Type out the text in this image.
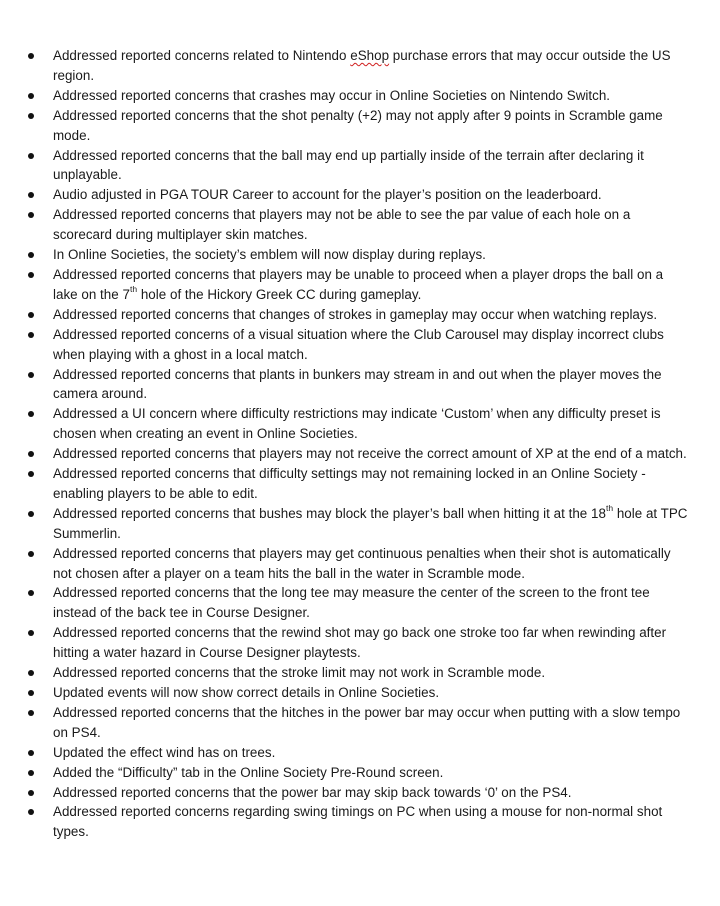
Addressed reported concerns related to Nintendo eShop purchase errors that may occur outside the US region.
Addressed reported concerns that crashes may occur in Online Societies on Nintendo Switch.
Addressed reported concerns that the shot penalty (+2) may not apply after 9 points in Scramble game mode.
Addressed reported concerns that the ball may end up partially inside of the terrain after declaring it unplayable.
Audio adjusted in PGA TOUR Career to account for the player’s position on the leaderboard.
Addressed reported concerns that players may not be able to see the par value of each hole on a scorecard during multiplayer skin matches.
In Online Societies, the society’s emblem will now display during replays.
Addressed reported concerns that players may be unable to proceed when a player drops the ball on a lake on the 7th hole of the Hickory Greek CC during gameplay.
Addressed reported concerns that changes of strokes in gameplay may occur when watching replays.
Addressed reported concerns of a visual situation where the Club Carousel may display incorrect clubs when playing with a ghost in a local match.
Addressed reported concerns that plants in bunkers may stream in and out when the player moves the camera around.
Addressed a UI concern where difficulty restrictions may indicate ‘Custom’ when any difficulty preset is chosen when creating an event in Online Societies.
Addressed reported concerns that players may not receive the correct amount of XP at the end of a match.
Addressed reported concerns that difficulty settings may not remaining locked in an Online Society - enabling players to be able to edit.
Addressed reported concerns that bushes may block the player’s ball when hitting it at the 18th hole at TPC Summerlin.
Addressed reported concerns that players may get continuous penalties when their shot is automatically not chosen after a player on a team hits the ball in the water in Scramble mode.
Addressed reported concerns that the long tee may measure the center of the screen to the front tee instead of the back tee in Course Designer.
Addressed reported concerns that the rewind shot may go back one stroke too far when rewinding after hitting a water hazard in Course Designer playtests.
Addressed reported concerns that the stroke limit may not work in Scramble mode.
Updated events will now show correct details in Online Societies.
Addressed reported concerns that the hitches in the power bar may occur when putting with a slow tempo on PS4.
Updated the effect wind has on trees.
Added the “Difficulty” tab in the Online Society Pre-Round screen.
Addressed reported concerns that the power bar may skip back towards ‘0’ on the PS4.
Addressed reported concerns regarding swing timings on PC when using a mouse for non-normal shot types.
